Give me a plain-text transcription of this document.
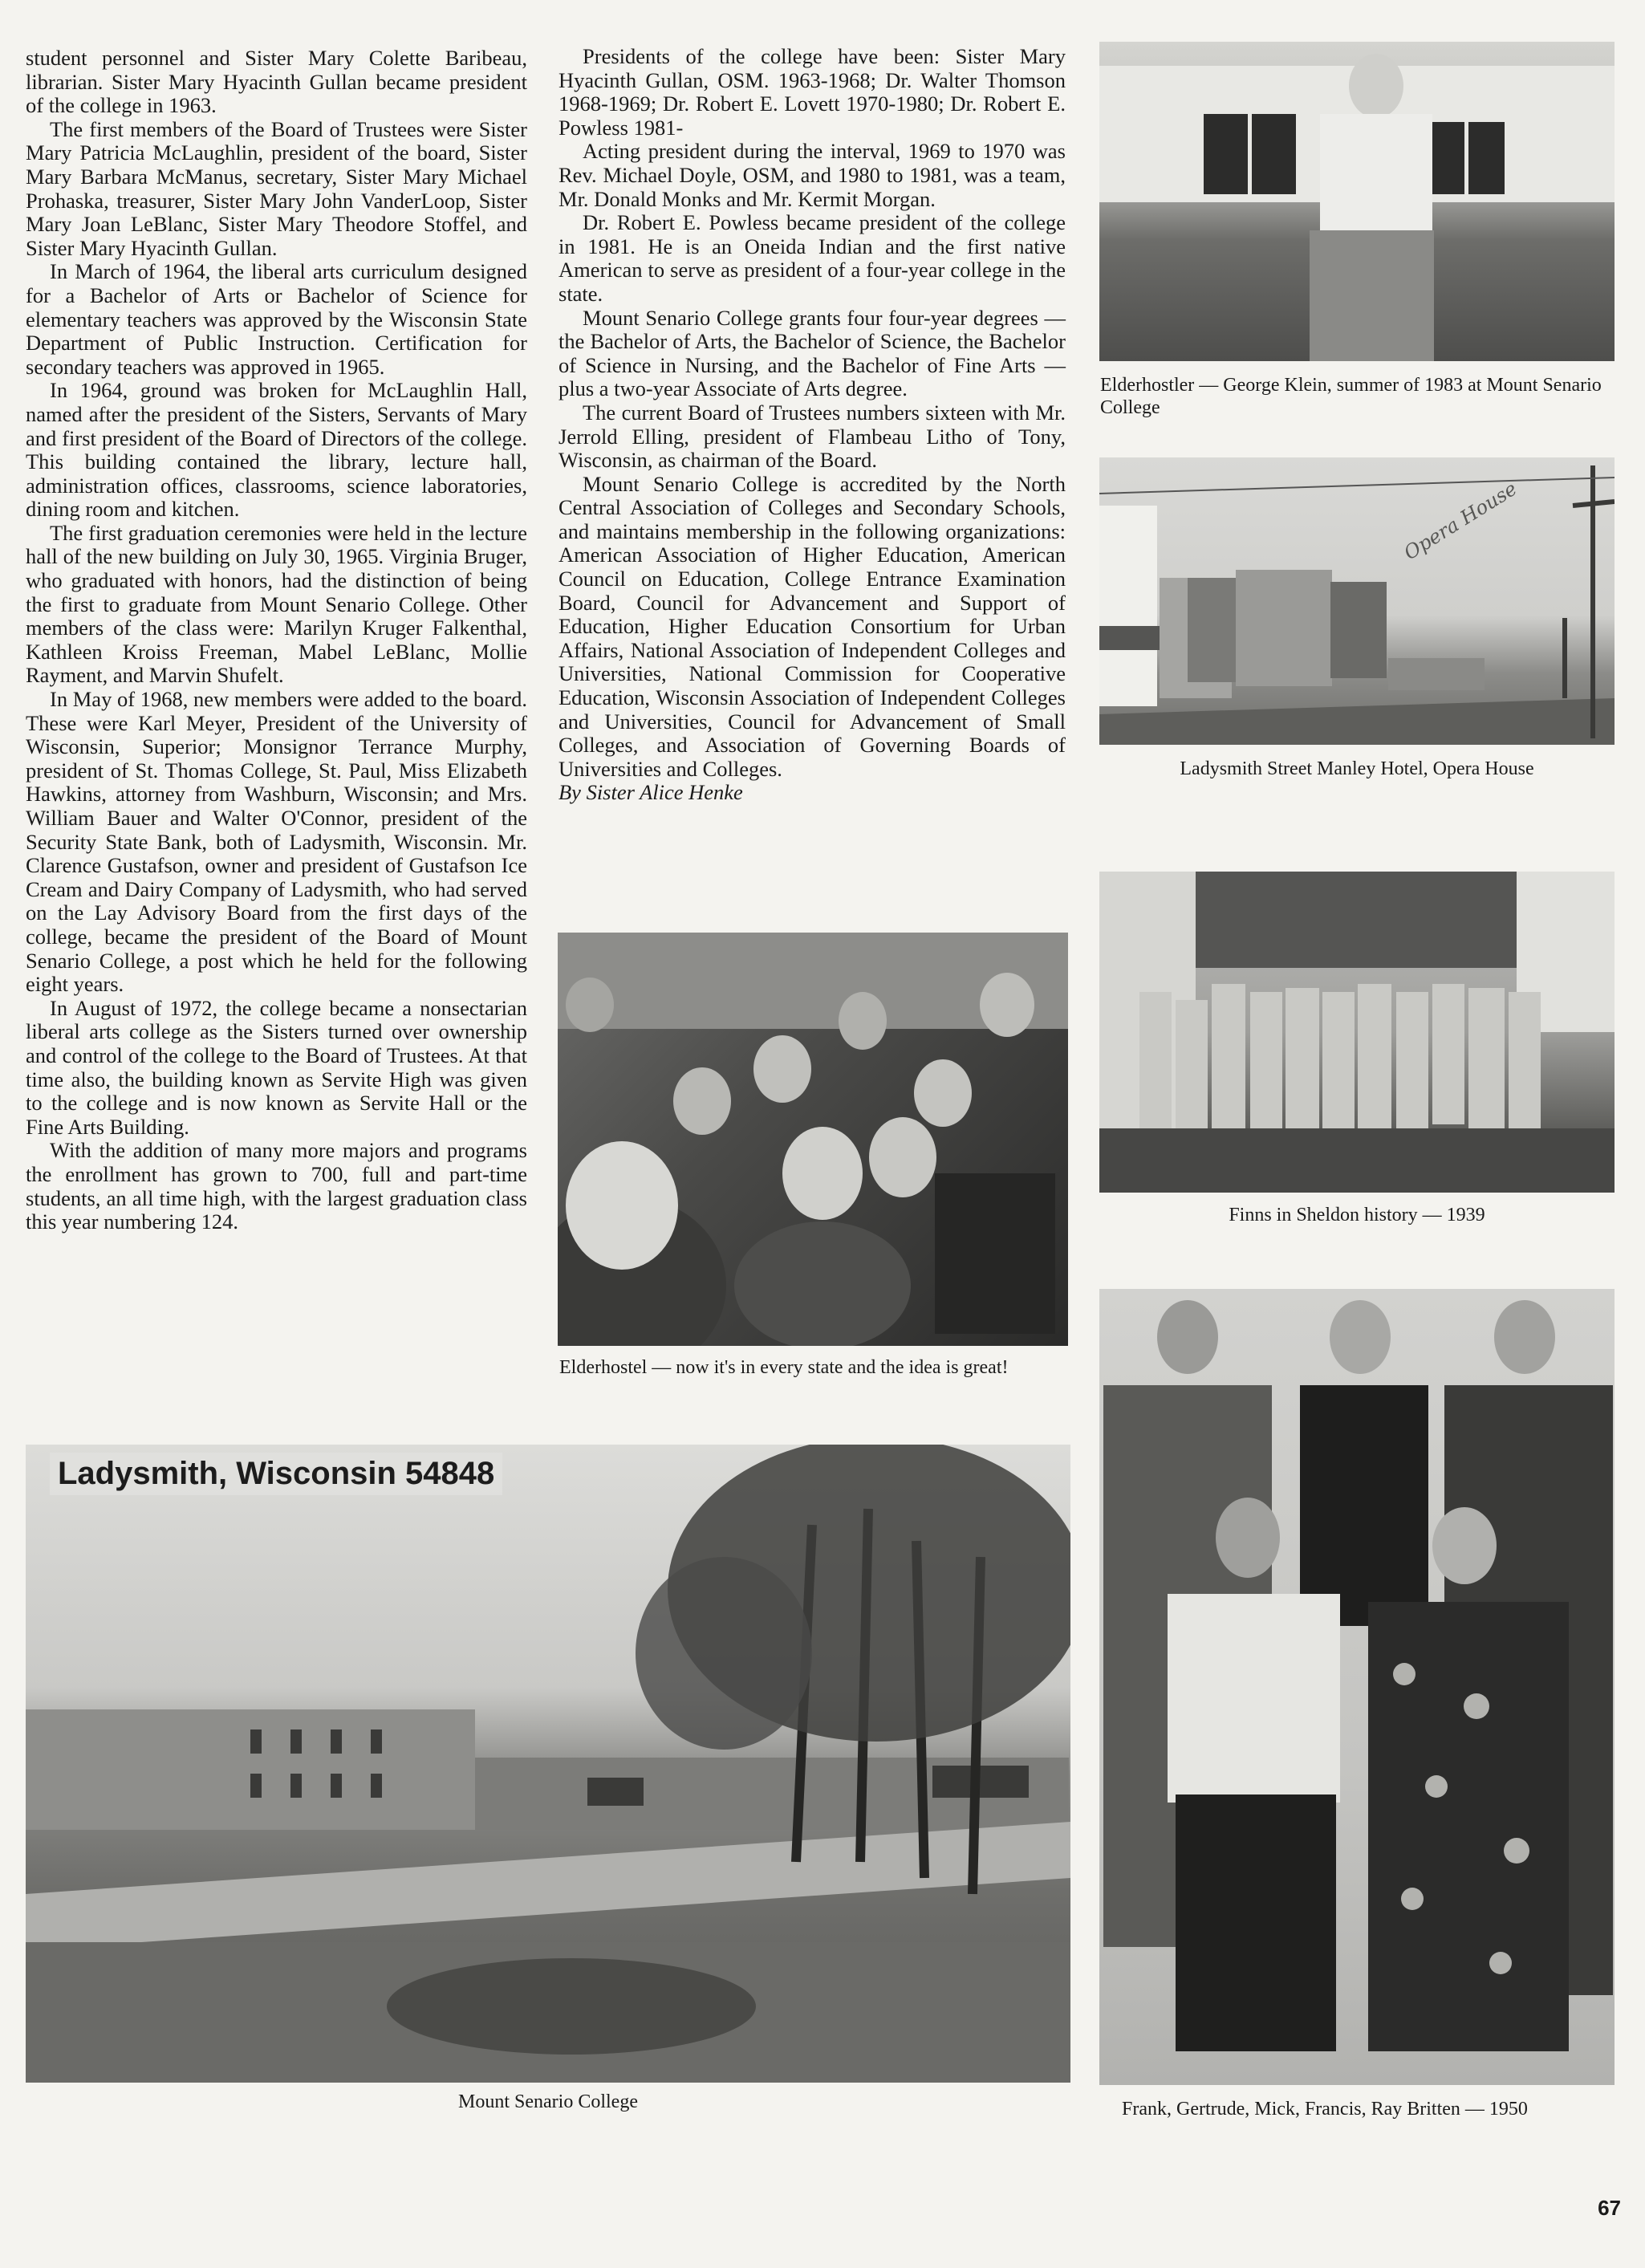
student personnel and Sister Mary Colette Baribeau, librarian. Sister Mary Hyacinth Gullan became president of the college in 1963.

The first members of the Board of Trustees were Sister Mary Patricia McLaughlin, president of the board, Sister Mary Barbara McManus, secretary, Sister Mary Michael Prohaska, treasurer, Sister Mary John VanderLoop, Sister Mary Joan LeBlanc, Sister Mary Theodore Stoffel, and Sister Mary Hyacinth Gullan.

In March of 1964, the liberal arts curriculum designed for a Bachelor of Arts or Bachelor of Science for elementary teachers was approved by the Wisconsin State Department of Public Instruction. Certification for secondary teachers was approved in 1965.

In 1964, ground was broken for McLaughlin Hall, named after the president of the Sisters, Servants of Mary and first president of the Board of Directors of the college. This building contained the library, lecture hall, administration offices, classrooms, science laboratories, dining room and kitchen.

The first graduation ceremonies were held in the lecture hall of the new building on July 30, 1965. Virginia Bruger, who graduated with honors, had the distinction of being the first to graduate from Mount Senario College. Other members of the class were: Marilyn Kruger Falkenthal, Kathleen Kroiss Freeman, Mabel LeBlanc, Mollie Rayment, and Marvin Shufelt.

In May of 1968, new members were added to the board. These were Karl Meyer, President of the University of Wisconsin, Superior; Monsignor Terrance Murphy, president of St. Thomas College, St. Paul, Miss Elizabeth Hawkins, attorney from Washburn, Wisconsin; and Mrs. William Bauer and Walter O'Connor, president of the Security State Bank, both of Ladysmith, Wisconsin. Mr. Clarence Gustafson, owner and president of Gustafson Ice Cream and Dairy Company of Ladysmith, who had served on the Lay Advisory Board from the first days of the college, became the president of the Board of Mount Senario College, a post which he held for the following eight years.

In August of 1972, the college became a nonsectarian liberal arts college as the Sisters turned over ownership and control of the college to the Board of Trustees. At that time also, the building known as Servite High was given to the college and is now known as Servite Hall or the Fine Arts Building.

With the addition of many more majors and programs the enrollment has grown to 700, full and part-time students, an all time high, with the largest graduation class this year numbering 124.

Presidents of the college have been: Sister Mary Hyacinth Gullan, OSM. 1963-1968; Dr. Walter Thomson 1968-1969; Dr. Robert E. Lovett 1970-1980; Dr. Robert E. Powless 1981-

Acting president during the interval, 1969 to 1970 was Rev. Michael Doyle, OSM, and 1980 to 1981, was a team, Mr. Donald Monks and Mr. Kermit Morgan.

Dr. Robert E. Powless became president of the college in 1981. He is an Oneida Indian and the first native American to serve as president of a four-year college in the state.

Mount Senario College grants four four-year degrees — the Bachelor of Arts, the Bachelor of Science, the Bachelor of Science in Nursing, and the Bachelor of Fine Arts — plus a two-year Associate of Arts degree.

The current Board of Trustees numbers sixteen with Mr. Jerrold Elling, president of Flambeau Litho of Tony, Wisconsin, as chairman of the Board.

Mount Senario College is accredited by the North Central Association of Colleges and Secondary Schools, and maintains membership in the following organizations: American Association of Higher Education, American Council on Education, College Entrance Examination Board, Council for Advancement and Support of Education, Higher Education Consortium for Urban Affairs, National Association of Independent Colleges and Universities, National Commission for Cooperative Education, Wisconsin Association of Independent Colleges and Universities, Council for Advancement of Small Colleges, and Association of Governing Boards of Universities and Colleges.

By Sister Alice Henke

Elderhostel — now it's in every state and the idea is great!
Ladysmith, Wisconsin 54848
Mount Senario College
Elderhostler — George Klein, summer of 1983 at Mount Senario College
Opera House
Ladysmith Street Manley Hotel, Opera House
Finns in Sheldon history — 1939
Frank, Gertrude, Mick, Francis, Ray Britten — 1950
67
